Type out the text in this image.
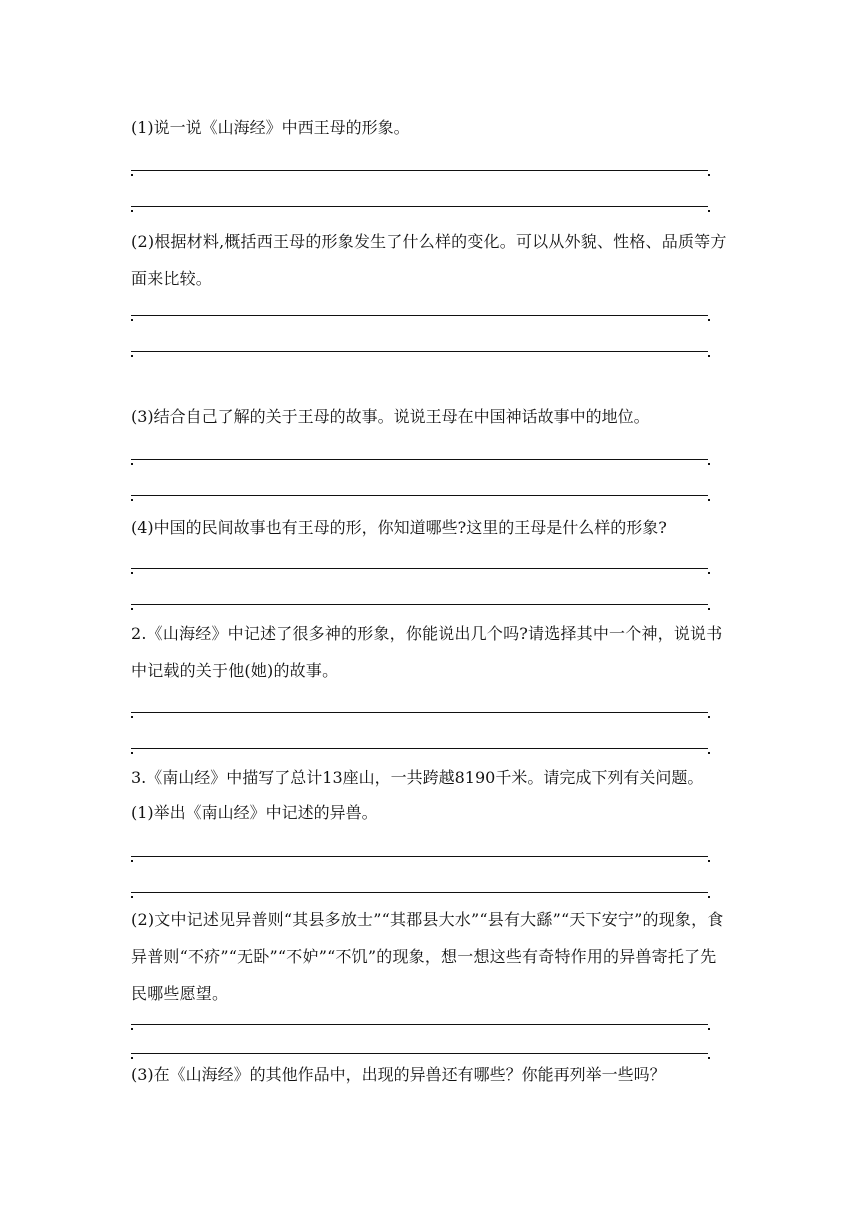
(1)说一说《山海经》中西王母的形象。
(2)根据材料,概括西王母的形象发生了什么样的变化。可以从外貌、性格、品质等方面来比较。
(3)结合自己了解的关于王母的故事。说说王母在中国神话故事中的地位。
(4)中国的民间故事也有王母的形，你知道哪些?这里的王母是什么样的形象?
2.《山海经》中记述了很多神的形象，你能说出几个吗?请选择其中一个神，说说书中记载的关于他(她)的故事。
3.《南山经》中描写了总计13座山，一共跨越8190千米。请完成下列有关问题。
(1)举出《南山经》中记述的异兽。
(2)文中记述见异普则“其县多放士”“其郡县大水”“县有大繇”“天下安宁”的现象，食异普则“不疥”“无卧”“不妒”“不饥”的现象，想一想这些有奇特作用的异兽寄托了先民哪些愿望。
(3)在《山海经》的其他作品中，出现的异兽还有哪些？你能再列举一些吗？
